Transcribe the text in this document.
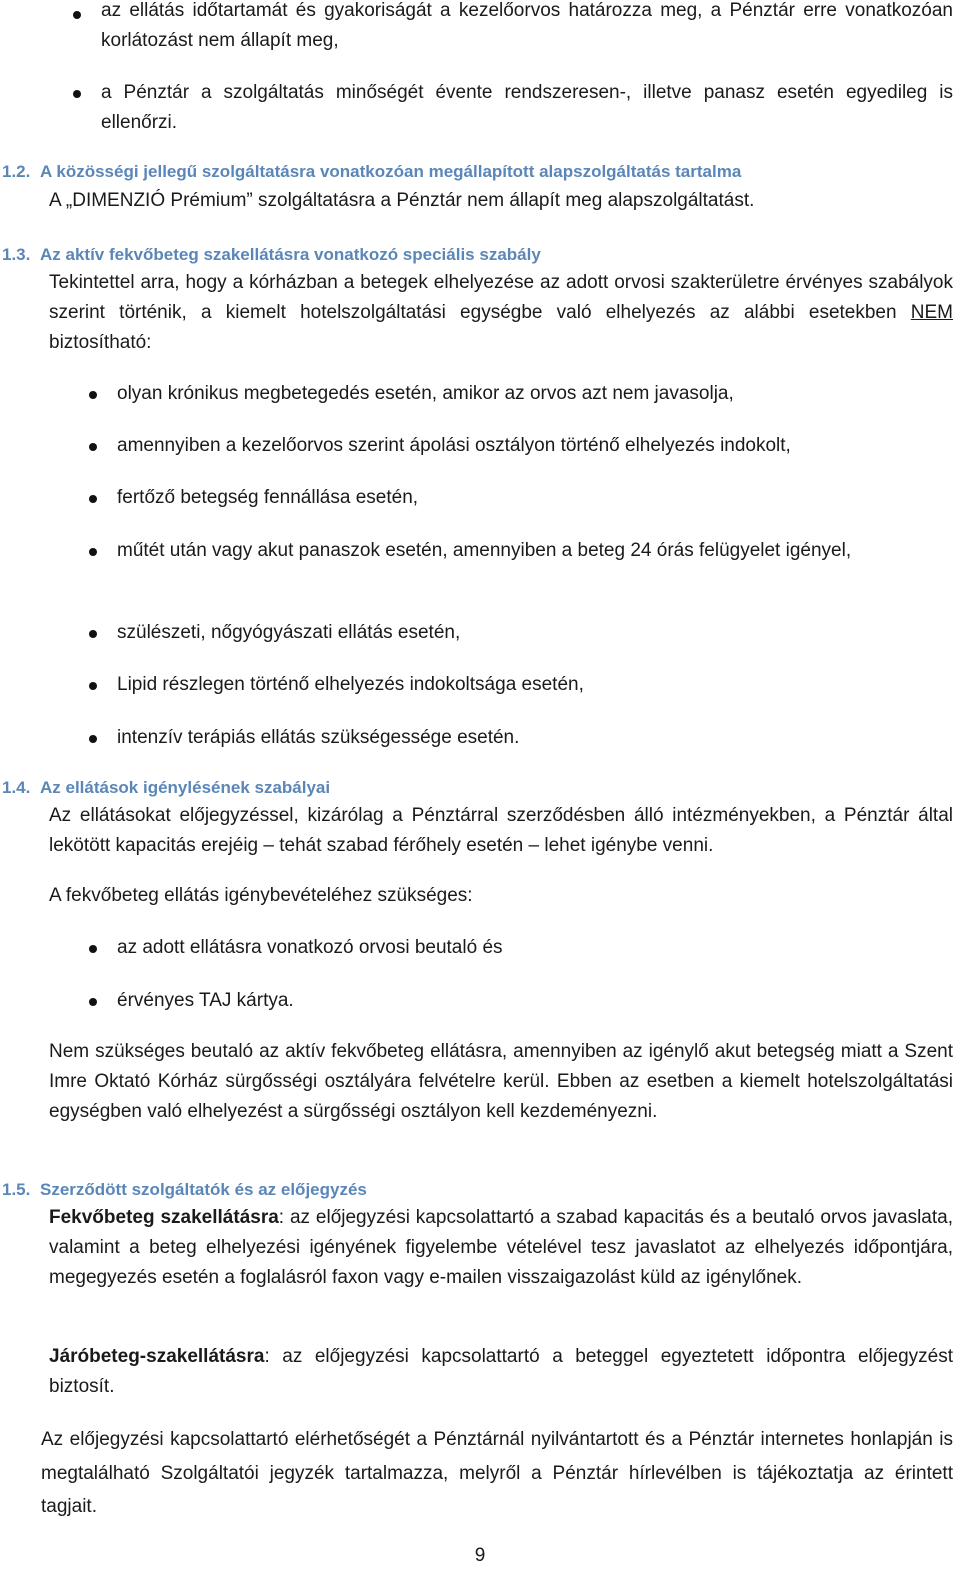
az ellátás időtartamát és gyakoriságát a kezelőorvos határozza meg, a Pénztár erre vonatkozóan korlátozást nem állapít meg,

a Pénztár a szolgáltatás minőségét évente rendszeresen-, illetve panasz esetén egyedileg is ellenőrzi.

1.2. A közösségi jellegű szolgáltatásra vonatkozóan megállapított alapszolgáltatás tartalma

A „DIMENZIÓ Prémium” szolgáltatásra a Pénztár nem állapít meg alapszolgáltatást.

1.3. Az aktív fekvőbeteg szakellátásra vonatkozó speciális szabály

Tekintettel arra, hogy a kórházban a betegek elhelyezése az adott orvosi szakterületre érvényes szabályok szerint történik, a kiemelt hotelszolgáltatási egységbe való elhelyezés az alábbi esetekben NEM biztosítható:

olyan krónikus megbetegedés esetén, amikor az orvos azt nem javasolja,

amennyiben a kezelőorvos szerint ápolási osztályon történő elhelyezés indokolt,

fertőző betegség fennállása esetén,

műtét után vagy akut panaszok esetén, amennyiben a beteg 24 órás felügyelet igényel,

szülészeti, nőgyógyászati ellátás esetén,

Lipid részlegen történő elhelyezés indokoltsága esetén,

intenzív terápiás ellátás szükségessége esetén.

1.4. Az ellátások igénylésének szabályai

Az ellátásokat előjegyzéssel, kizárólag a Pénztárral szerződésben álló intézményekben, a Pénztár által lekötött kapacitás erejéig – tehát szabad férőhely esetén – lehet igénybe venni.

A fekvőbeteg ellátás igénybevételéhez szükséges:

az adott ellátásra vonatkozó orvosi beutaló és

érvényes TAJ kártya.

Nem szükséges beutaló az aktív fekvőbeteg ellátásra, amennyiben az igénylő akut betegség miatt a Szent Imre Oktató Kórház sürgősségi osztályára felvételre kerül. Ebben az esetben a kiemelt hotelszolgáltatási egységben való elhelyezést a sürgősségi osztályon kell kezdeményezni.

1.5. Szerződött szolgáltatók és az előjegyzés

Fekvőbeteg szakellátásra: az előjegyzési kapcsolattartó a szabad kapacitás és a beutaló orvos javaslata, valamint a beteg elhelyezési igényének figyelembe vételével tesz javaslatot az elhelyezés időpontjára, megegyezés esetén a foglalásról faxon vagy e-mailen visszaigazolást küld az igénylőnek.

Járóbeteg-szakellátásra: az előjegyzési kapcsolattartó a beteggel egyeztetett időpontra előjegyzést biztosít.

Az előjegyzési kapcsolattartó elérhetőségét a Pénztárnál nyilvántartott és a Pénztár internetes honlapján is megtalálható Szolgáltatói jegyzék tartalmazza, melyről a Pénztár hírlevélben is tájékoztatja az érintett tagjait.

9
